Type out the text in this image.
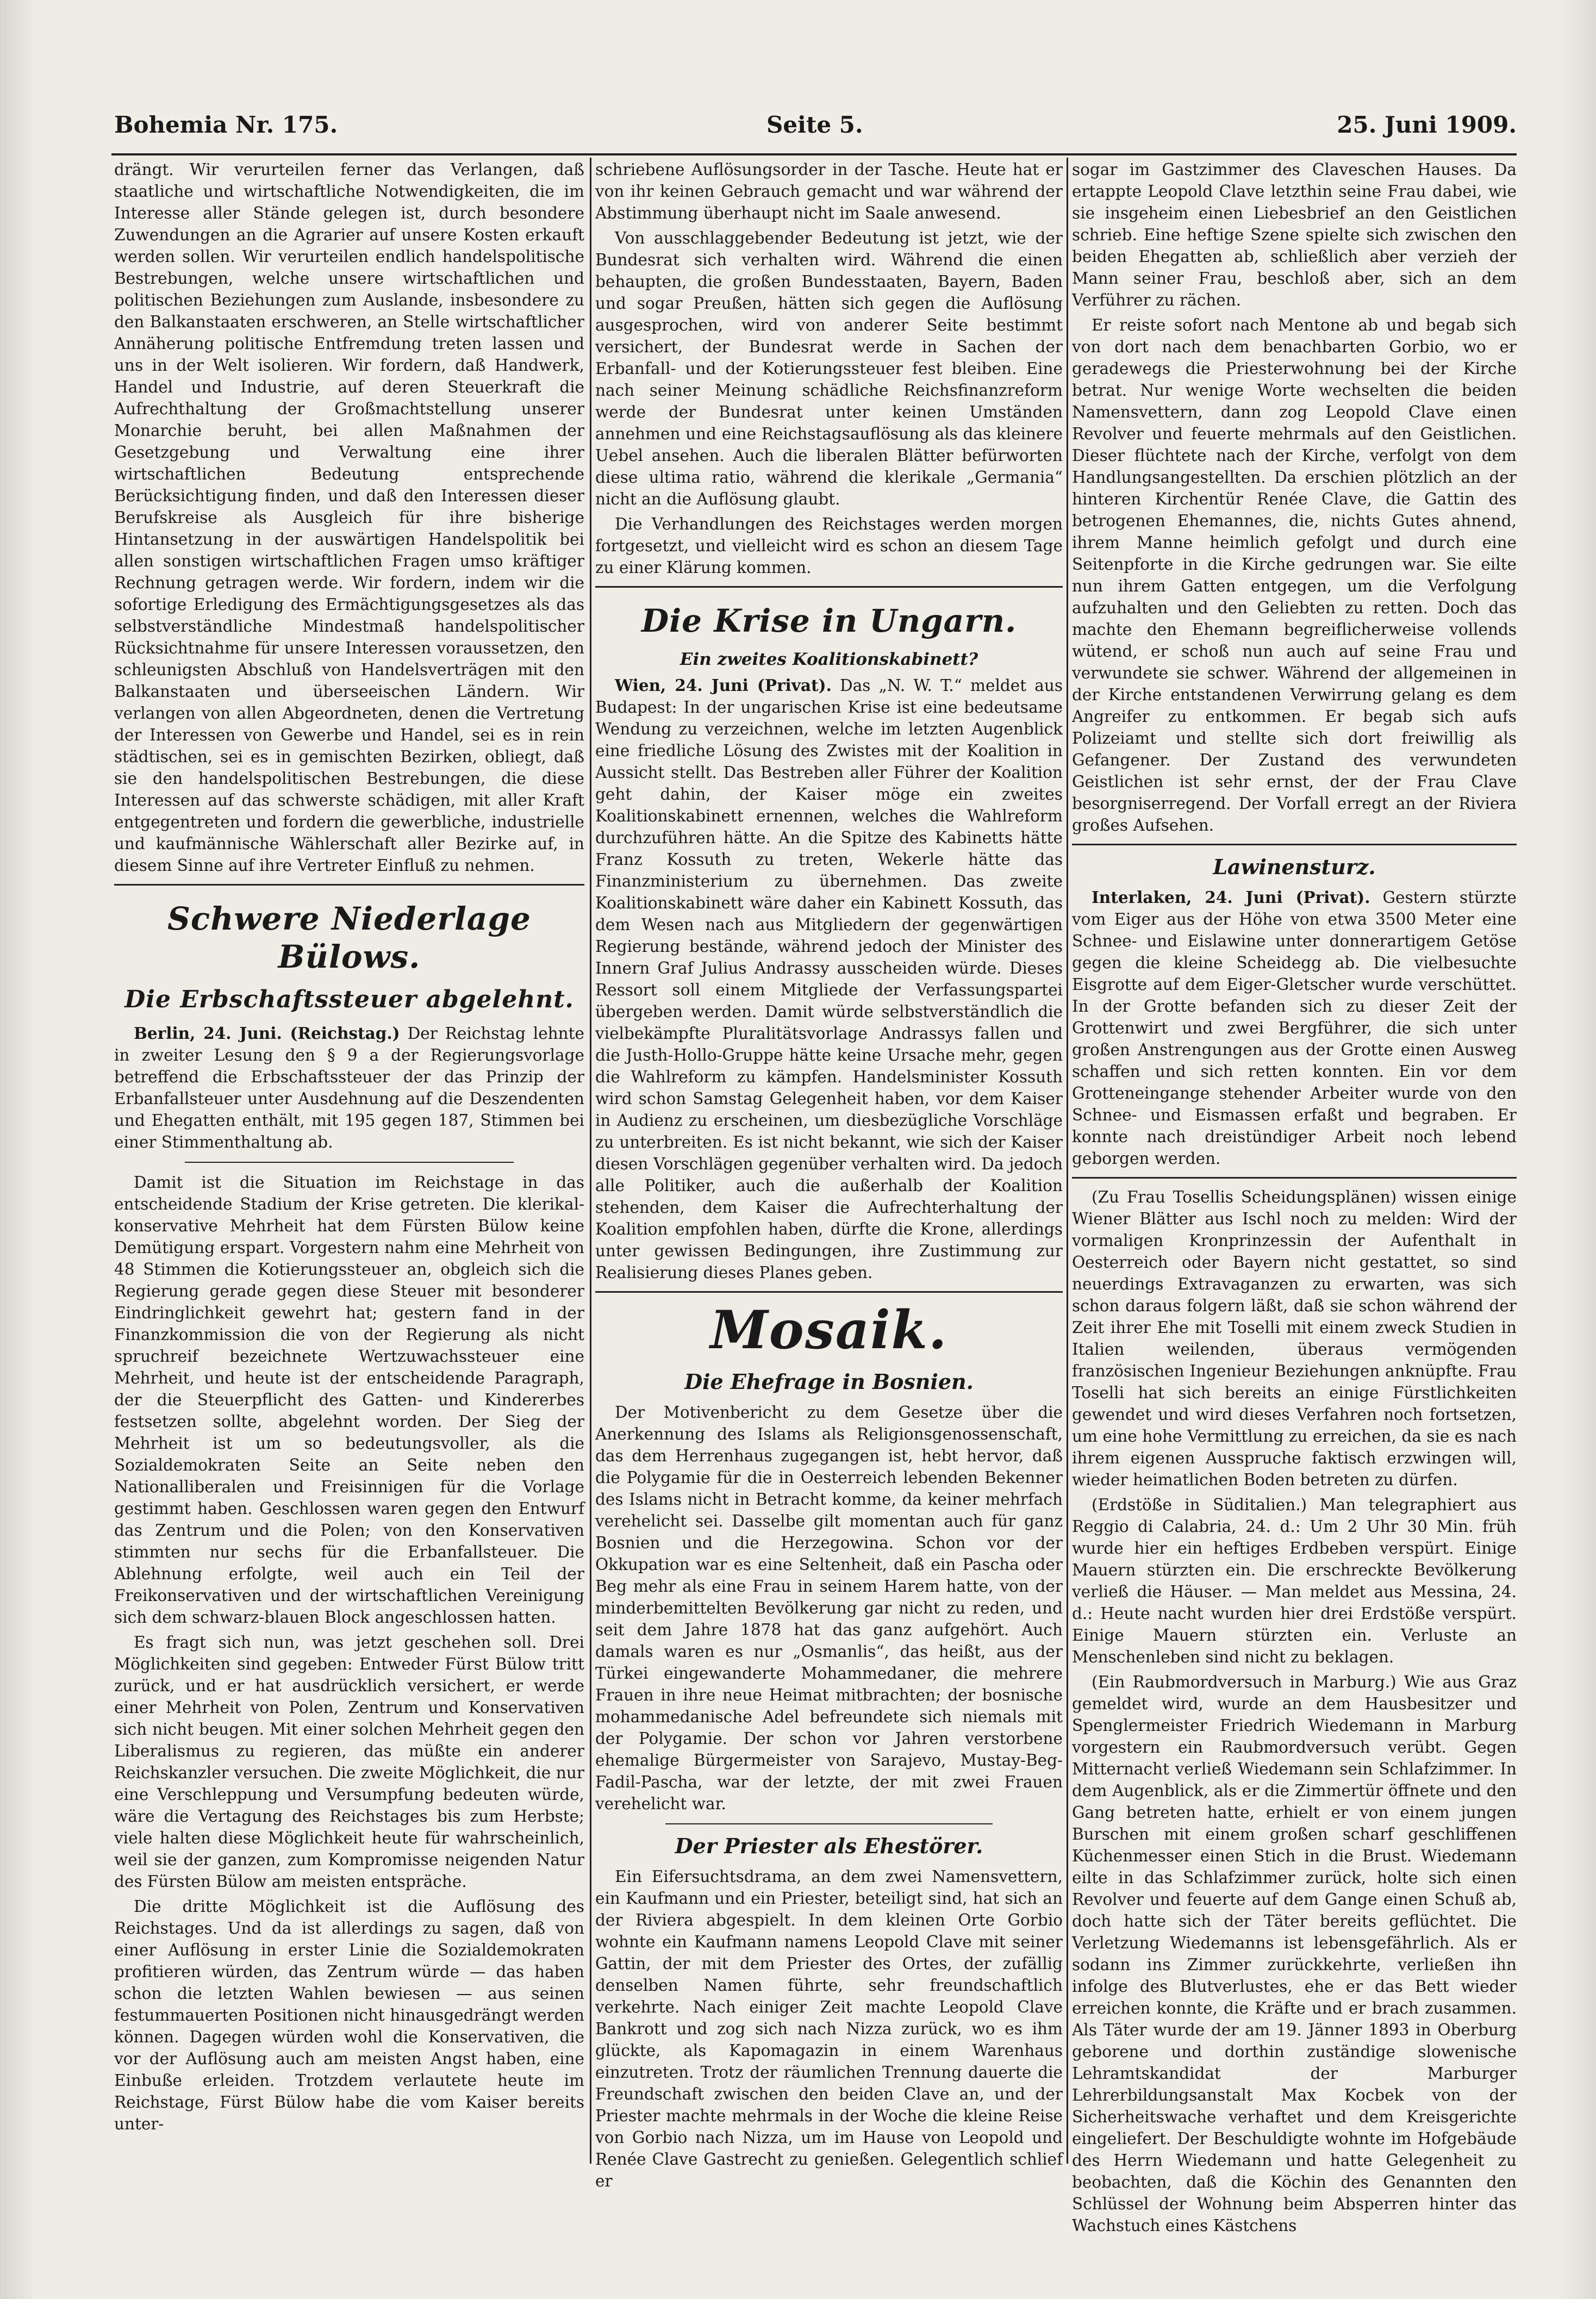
Bohemia Nr. 175.	Seite 5.	25. Juni 1909.

drängt. Wir verurteilen ferner das Verlangen, daß staatliche und wirtschaftliche Notwendigkeiten, die im Interesse aller Stände gelegen ist, durch besondere Zuwendungen an die Agrarier auf unsere Kosten erkauft werden sollen. Wir verurteilen endlich handelspolitische Bestrebungen, welche unsere wirtschaftlichen und politischen Beziehungen zum Auslande, insbesondere zu den Balkanstaaten erschweren, an Stelle wirtschaftlicher Annäherung politische Entfremdung treten lassen und uns in der Welt isolieren. Wir fordern, daß Handwerk, Handel und Industrie, auf deren Steuerkraft die Aufrechthaltung der Großmachtstellung unserer Monarchie beruht, bei allen Maßnahmen der Gesetzgebung und Verwaltung eine ihrer wirtschaftlichen Bedeutung entsprechende Berücksichtigung finden, und daß den Interessen dieser Berufskreise als Ausgleich für ihre bisherige Hintansetzung in der auswärtigen Handelspolitik bei allen sonstigen wirtschaftlichen Fragen umso kräftiger Rechnung getragen werde. Wir fordern, indem wir die sofortige Erledigung des Ermächtigungsgesetzes als das selbstverständliche Mindestmaß handelspolitischer Rücksichtnahme für unsere Interessen voraussetzen, den schleunigsten Abschluß von Handelsverträgen mit den Balkanstaaten und überseeischen Ländern. Wir verlangen von allen Abgeordneten, denen die Vertretung der Interessen von Gewerbe und Handel, sei es in rein städtischen, sei es in gemischten Bezirken, obliegt, daß sie den handelspolitischen Bestrebungen, die diese Interessen auf das schwerste schädigen, mit aller Kraft entgegentreten und fordern die gewerbliche, industrielle und kaufmännische Wählerschaft aller Bezirke auf, in diesem Sinne auf ihre Vertreter Einfluß zu nehmen.

Schwere Niederlage Bülows.
Die Erbschaftssteuer abgelehnt.

Berlin, 24. Juni. (Reichstag.) Der Reichstag lehnte in zweiter Lesung den § 9 a der Regierungsvorlage betreffend die Erbschaftssteuer der das Prinzip der Erbanfallsteuer unter Ausdehnung auf die Deszendenten und Ehegatten enthält, mit 195 gegen 187, Stimmen bei einer Stimmenthaltung ab.

Damit ist die Situation im Reichstage in das entscheidende Stadium der Krise getreten. Die klerikal-konservative Mehrheit hat dem Fürsten Bülow keine Demütigung erspart. Vorgestern nahm eine Mehrheit von 48 Stimmen die Kotierungssteuer an, obgleich sich die Regierung gerade gegen diese Steuer mit besonderer Eindringlichkeit gewehrt hat; gestern fand in der Finanzkommission die von der Regierung als nicht spruchreif bezeichnete Wertzuwachssteuer eine Mehrheit, und heute ist der entscheidende Paragraph, der die Steuerpflicht des Gatten- und Kindererbes festsetzen sollte, abgelehnt worden. Der Sieg der Mehrheit ist um so bedeutungsvoller, als die Sozialdemokraten Seite an Seite neben den Nationalliberalen und Freisinnigen für die Vorlage gestimmt haben. Geschlossen waren gegen den Entwurf das Zentrum und die Polen; von den Konservativen stimmten nur sechs für die Erbanfallsteuer. Die Ablehnung erfolgte, weil auch ein Teil der Freikonservativen und der wirtschaftlichen Vereinigung sich dem schwarz-blauen Block angeschlossen hatten.

Es fragt sich nun, was jetzt geschehen soll. Drei Möglichkeiten sind gegeben: Entweder Fürst Bülow tritt zurück, und er hat ausdrücklich versichert, er werde einer Mehrheit von Polen, Zentrum und Konservativen sich nicht beugen. Mit einer solchen Mehrheit gegen den Liberalismus zu regieren, das müßte ein anderer Reichskanzler versuchen. Die zweite Möglichkeit, die nur eine Verschleppung und Versumpfung bedeuten würde, wäre die Vertagung des Reichstages bis zum Herbste; viele halten diese Möglichkeit heute für wahrscheinlich, weil sie der ganzen, zum Kompromisse neigenden Natur des Fürsten Bülow am meisten entspräche.

Die dritte Möglichkeit ist die Auflösung des Reichstages. Und da ist allerdings zu sagen, daß von einer Auflösung in erster Linie die Sozialdemokraten profitieren würden, das Zentrum würde — das haben schon die letzten Wahlen bewiesen — aus seinen festummauerten Positionen nicht hinausgedrängt werden können. Dagegen würden wohl die Konservativen, die vor der Auflösung auch am meisten Angst haben, eine Einbuße erleiden. Trotzdem verlautete heute im Reichstage, Fürst Bülow habe die vom Kaiser bereits unter-

schriebene Auflösungsorder in der Tasche. Heute hat er von ihr keinen Gebrauch gemacht und war während der Abstimmung überhaupt nicht im Saale anwesend.

Von ausschlaggebender Bedeutung ist jetzt, wie der Bundesrat sich verhalten wird. Während die einen behaupten, die großen Bundesstaaten, Bayern, Baden und sogar Preußen, hätten sich gegen die Auflösung ausgesprochen, wird von anderer Seite bestimmt versichert, der Bundesrat werde in Sachen der Erbanfall- und der Kotierungssteuer fest bleiben. Eine nach seiner Meinung schädliche Reichsfinanzreform werde der Bundesrat unter keinen Umständen annehmen und eine Reichstagsauflösung als das kleinere Uebel ansehen. Auch die liberalen Blätter befürworten diese ultima ratio, während die klerikale „Germania“ nicht an die Auflösung glaubt.

Die Verhandlungen des Reichstages werden morgen fortgesetzt, und vielleicht wird es schon an diesem Tage zu einer Klärung kommen.

Die Krise in Ungarn.
Ein zweites Koalitionskabinett?

Wien, 24. Juni (Privat). Das „N. W. T.“ meldet aus Budapest: In der ungarischen Krise ist eine bedeutsame Wendung zu verzeichnen, welche im letzten Augenblick eine friedliche Lösung des Zwistes mit der Koalition in Aussicht stellt. Das Bestreben aller Führer der Koalition geht dahin, der Kaiser möge ein zweites Koalitionskabinett ernennen, welches die Wahlreform durchzuführen hätte. An die Spitze des Kabinetts hätte Franz Kossuth zu treten, Wekerle hätte das Finanzministerium zu übernehmen. Das zweite Koalitionskabinett wäre daher ein Kabinett Kossuth, das dem Wesen nach aus Mitgliedern der gegenwärtigen Regierung bestände, während jedoch der Minister des Innern Graf Julius Andrassy ausscheiden würde. Dieses Ressort soll einem Mitgliede der Verfassungspartei übergeben werden. Damit würde selbstverständlich die vielbekämpfte Pluralitätsvorlage Andrassys fallen und die Justh-Hollo-Gruppe hätte keine Ursache mehr, gegen die Wahlreform zu kämpfen. Handelsminister Kossuth wird schon Samstag Gelegenheit haben, vor dem Kaiser in Audienz zu erscheinen, um diesbezügliche Vorschläge zu unterbreiten. Es ist nicht bekannt, wie sich der Kaiser diesen Vorschlägen gegenüber verhalten wird. Da jedoch alle Politiker, auch die außerhalb der Koalition stehenden, dem Kaiser die Aufrechterhaltung der Koalition empfohlen haben, dürfte die Krone, allerdings unter gewissen Bedingungen, ihre Zustimmung zur Realisierung dieses Planes geben.

Mosaik.
Die Ehefrage in Bosnien.

Der Motivenbericht zu dem Gesetze über die Anerkennung des Islams als Religionsgenossenschaft, das dem Herrenhaus zugegangen ist, hebt hervor, daß die Polygamie für die in Oesterreich lebenden Bekenner des Islams nicht in Betracht komme, da keiner mehrfach verehelicht sei. Dasselbe gilt momentan auch für ganz Bosnien und die Herzegowina. Schon vor der Okkupation war es eine Seltenheit, daß ein Pascha oder Beg mehr als eine Frau in seinem Harem hatte, von der minderbemittelten Bevölkerung gar nicht zu reden, und seit dem Jahre 1878 hat das ganz aufgehört. Auch damals waren es nur „Osmanlis“, das heißt, aus der Türkei eingewanderte Mohammedaner, die mehrere Frauen in ihre neue Heimat mitbrachten; der bosnische mohammedanische Adel befreundete sich niemals mit der Polygamie. Der schon vor Jahren verstorbene ehemalige Bürgermeister von Sarajevo, Mustay-Beg-Fadil-Pascha, war der letzte, der mit zwei Frauen verehelicht war.

Der Priester als Ehestörer.

Ein Eifersuchtsdrama, an dem zwei Namensvettern, ein Kaufmann und ein Priester, beteiligt sind, hat sich an der Riviera abgespielt. In dem kleinen Orte Gorbio wohnte ein Kaufmann namens Leopold Clave mit seiner Gattin, der mit dem Priester des Ortes, der zufällig denselben Namen führte, sehr freundschaftlich verkehrte. Nach einiger Zeit machte Leopold Clave Bankrott und zog sich nach Nizza zurück, wo es ihm glückte, als Kapomagazin in einem Warenhaus einzutreten. Trotz der räumlichen Trennung dauerte die Freundschaft zwischen den beiden Clave an, und der Priester machte mehrmals in der Woche die kleine Reise von Gorbio nach Nizza, um im Hause von Leopold und Renée Clave Gastrecht zu genießen. Gelegentlich schlief er

sogar im Gastzimmer des Claveschen Hauses. Da ertappte Leopold Clave letzthin seine Frau dabei, wie sie insgeheim einen Liebesbrief an den Geistlichen schrieb. Eine heftige Szene spielte sich zwischen den beiden Ehegatten ab, schließlich aber verzieh der Mann seiner Frau, beschloß aber, sich an dem Verführer zu rächen.

Er reiste sofort nach Mentone ab und begab sich von dort nach dem benachbarten Gorbio, wo er geradewegs die Priesterwohnung bei der Kirche betrat. Nur wenige Worte wechselten die beiden Namensvettern, dann zog Leopold Clave einen Revolver und feuerte mehrmals auf den Geistlichen. Dieser flüchtete nach der Kirche, verfolgt von dem Handlungsangestellten. Da erschien plötzlich an der hinteren Kirchentür Renée Clave, die Gattin des betrogenen Ehemannes, die, nichts Gutes ahnend, ihrem Manne heimlich gefolgt und durch eine Seitenpforte in die Kirche gedrungen war. Sie eilte nun ihrem Gatten entgegen, um die Verfolgung aufzuhalten und den Geliebten zu retten. Doch das machte den Ehemann begreiflicherweise vollends wütend, er schoß nun auch auf seine Frau und verwundete sie schwer. Während der allgemeinen in der Kirche entstandenen Verwirrung gelang es dem Angreifer zu entkommen. Er begab sich aufs Polizeiamt und stellte sich dort freiwillig als Gefangener. Der Zustand des verwundeten Geistlichen ist sehr ernst, der der Frau Clave besorgniserregend. Der Vorfall erregt an der Riviera großes Aufsehen.

Lawinensturz.

Interlaken, 24. Juni (Privat). Gestern stürzte vom Eiger aus der Höhe von etwa 3500 Meter eine Schnee- und Eislawine unter donnerartigem Getöse gegen die kleine Scheidegg ab. Die vielbesuchte Eisgrotte auf dem Eiger-Gletscher wurde verschüttet. In der Grotte befanden sich zu dieser Zeit der Grottenwirt und zwei Bergführer, die sich unter großen Anstrengungen aus der Grotte einen Ausweg schaffen und sich retten konnten. Ein vor dem Grotteneingange stehender Arbeiter wurde von den Schnee- und Eismassen erfaßt und begraben. Er konnte nach dreistündiger Arbeit noch lebend geborgen werden.

(Zu Frau Tosellis Scheidungsplänen) wissen einige Wiener Blätter aus Ischl noch zu melden: Wird der vormaligen Kronprinzessin der Aufenthalt in Oesterreich oder Bayern nicht gestattet, so sind neuerdings Extravaganzen zu erwarten, was sich schon daraus folgern läßt, daß sie schon während der Zeit ihrer Ehe mit Toselli mit einem zweck Studien in Italien weilenden, überaus vermögenden französischen Ingenieur Beziehungen anknüpfte. Frau Toselli hat sich bereits an einige Fürstlichkeiten gewendet und wird dieses Verfahren noch fortsetzen, um eine hohe Vermittlung zu erreichen, da sie es nach ihrem eigenen Ausspruche faktisch erzwingen will, wieder heimatlichen Boden betreten zu dürfen.

(Erdstöße in Süditalien.) Man telegraphiert aus Reggio di Calabria, 24. d.: Um 2 Uhr 30 Min. früh wurde hier ein heftiges Erdbeben verspürt. Einige Mauern stürzten ein. Die erschreckte Bevölkerung verließ die Häuser. — Man meldet aus Messina, 24. d.: Heute nacht wurden hier drei Erdstöße verspürt. Einige Mauern stürzten ein. Verluste an Menschenleben sind nicht zu beklagen.

(Ein Raubmordversuch in Marburg.) Wie aus Graz gemeldet wird, wurde an dem Hausbesitzer und Spenglermeister Friedrich Wiedemann in Marburg vorgestern ein Raubmordversuch verübt. Gegen Mitternacht verließ Wiedemann sein Schlafzimmer. In dem Augenblick, als er die Zimmertür öffnete und den Gang betreten hatte, erhielt er von einem jungen Burschen mit einem großen scharf geschliffenen Küchenmesser einen Stich in die Brust. Wiedemann eilte in das Schlafzimmer zurück, holte sich einen Revolver und feuerte auf dem Gange einen Schuß ab, doch hatte sich der Täter bereits geflüchtet. Die Verletzung Wiedemanns ist lebensgefährlich. Als er sodann ins Zimmer zurückkehrte, verließen ihn infolge des Blutverlustes, ehe er das Bett wieder erreichen konnte, die Kräfte und er brach zusammen. Als Täter wurde der am 19. Jänner 1893 in Oberburg geborene und dorthin zuständige slowenische Lehramtskandidat der Marburger Lehrerbildungsanstalt Max Kocbek von der Sicherheitswache verhaftet und dem Kreisgerichte eingeliefert. Der Beschuldigte wohnte im Hofgebäude des Herrn Wiedemann und hatte Gelegenheit zu beobachten, daß die Köchin des Genannten den Schlüssel der Wohnung beim Absperren hinter das Wachstuch eines Kästchens
